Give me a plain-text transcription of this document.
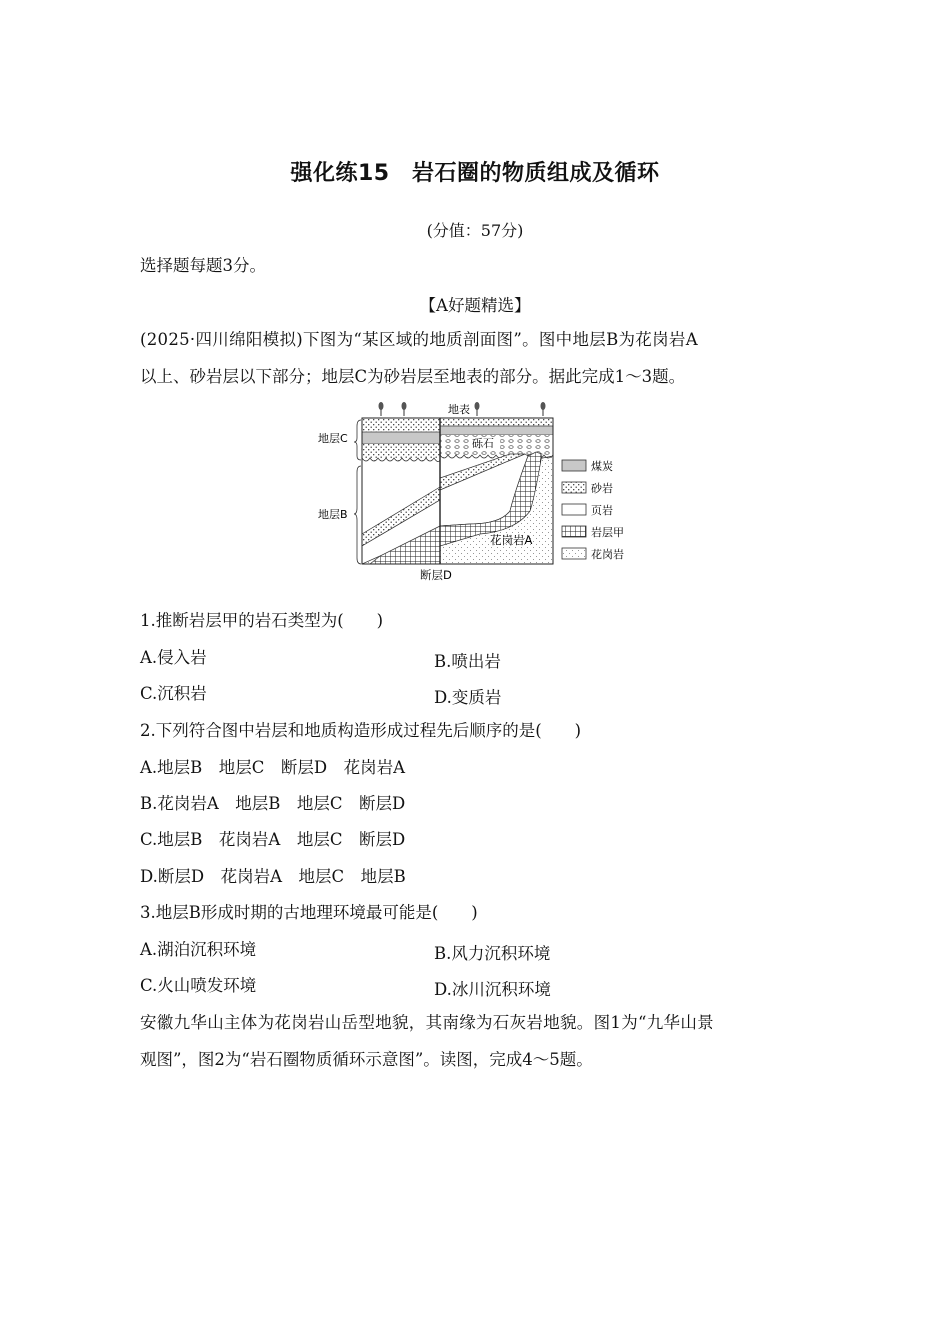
强化练15　岩石圈的物质组成及循环
(分值：57分)
选择题每题3分。
【A好题精选】
(2025·四川绵阳模拟)下图为“某区域的地质剖面图”。图中地层B为花岗岩A
以上、砂岩层以下部分；地层C为砂岩层至地表的部分。据此完成1～3题。
地表
地层C
地层B
砾石
花岗岩A
断层D
煤炭
砂岩
页岩
岩层甲
花岗岩
1.推断岩层甲的岩石类型为(　　)
A.侵入岩	B.喷出岩
C.沉积岩	D.变质岩
2.下列符合图中岩层和地质构造形成过程先后顺序的是(　　)
A.地层B　地层C　断层D　花岗岩A
B.花岗岩A　地层B　地层C　断层D
C.地层B　花岗岩A　地层C　断层D
D.断层D　花岗岩A　地层C　地层B
3.地层B形成时期的古地理环境最可能是(　　)
A.湖泊沉积环境	B.风力沉积环境
C.火山喷发环境	D.冰川沉积环境
安徽九华山主体为花岗岩山岳型地貌，其南缘为石灰岩地貌。图1为“九华山景
观图”，图2为“岩石圈物质循环示意图”。读图，完成4～5题。
